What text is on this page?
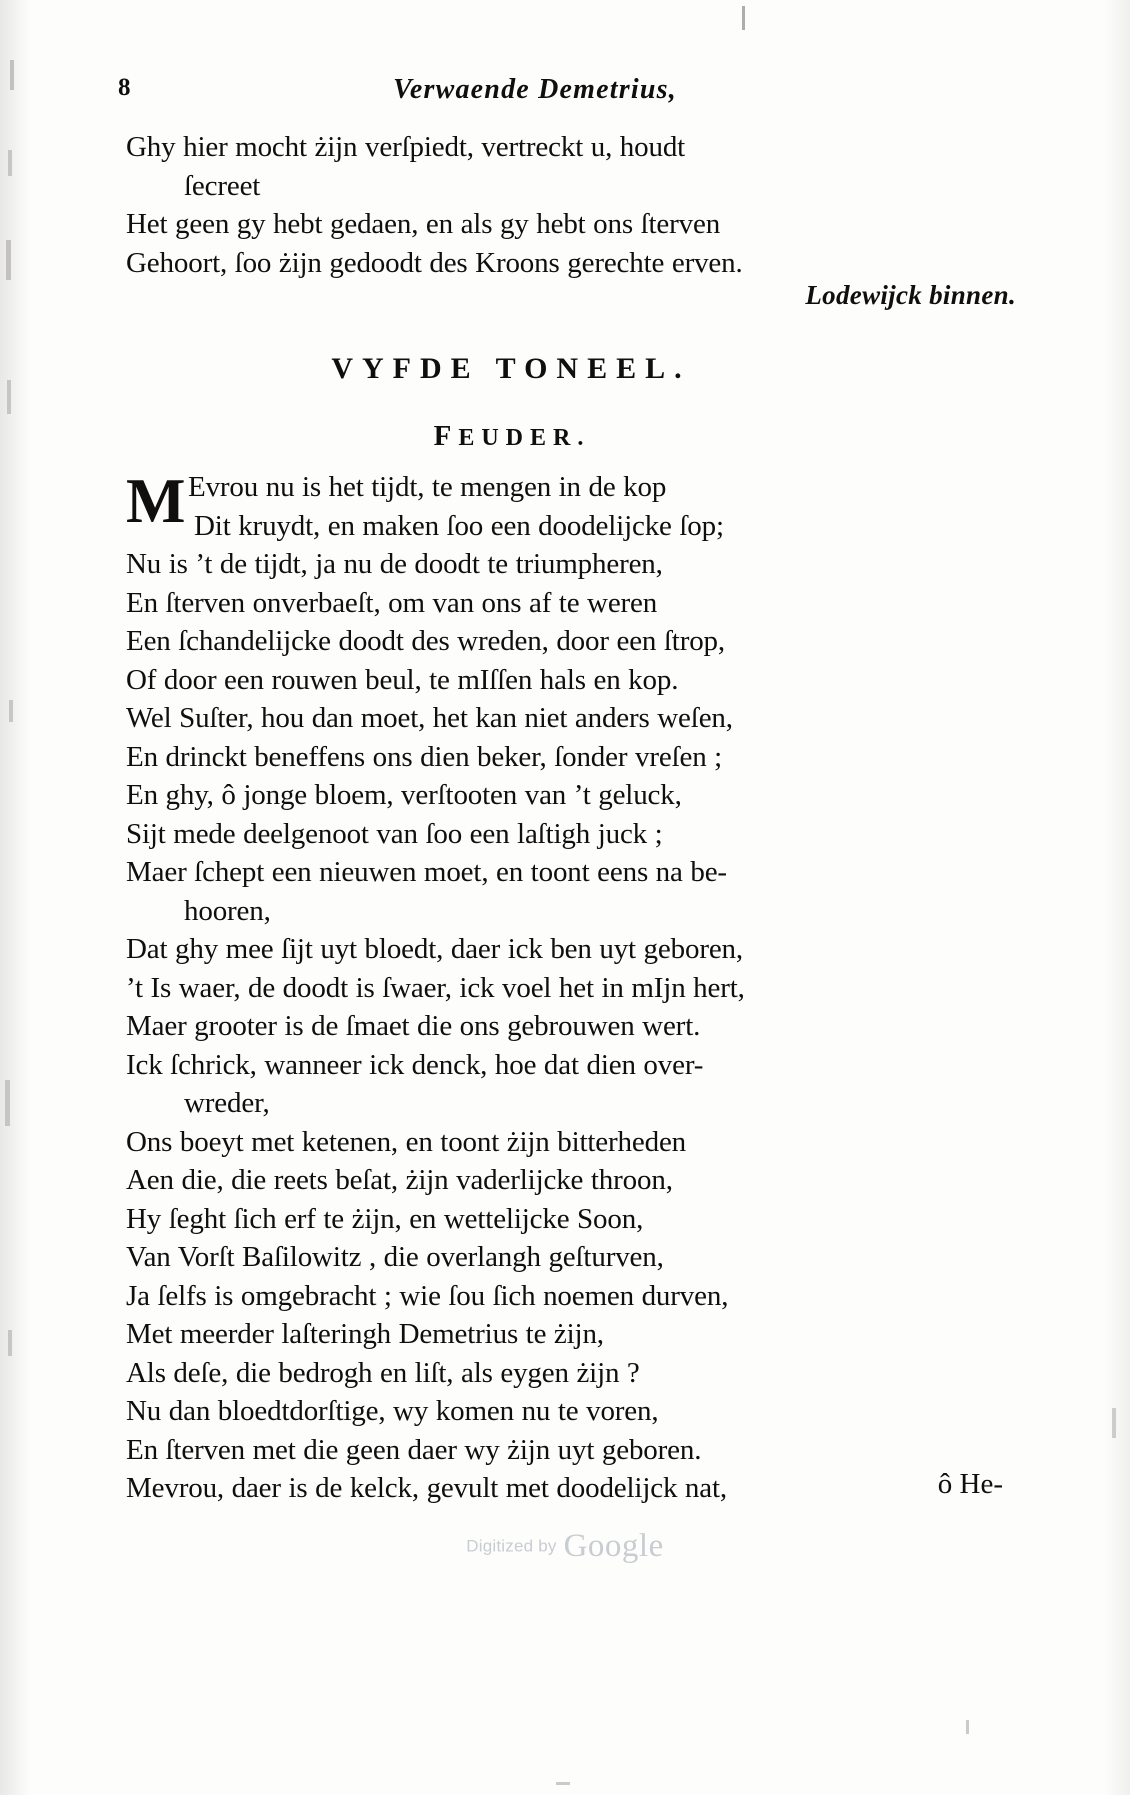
8	Verwaende Demetrius,
Ghy hier mocht żijn verſpiedt, vertreckt u, houdt
ſecreet
Het geen gy hebt gedaen, en als gy hebt ons ſterven
Gehoort, ſoo żijn gedoodt des Kroons gerechte erven.
Lodewijck binnen.
VYFDE TONEEL.
FEUDER.
M Evrou nu is het tijdt, te mengen in de kop
Dit kruydt, en maken ſoo een doodelijcke ſop;
Nu is ’t de tijdt, ja nu de doodt te triumpheren,
En ſterven onverbaeſt, om van ons af te weren
Een ſchandelijcke doodt des wreden, door een ſtrop,
Of door een rouwen beul, te mIſſen hals en kop.
Wel Suſter, hou dan moet, het kan niet anders weſen,
En drinckt beneffens ons dien beker, ſonder vreſen ;
En ghy, ô jonge bloem, verſtooten van ’t geluck,
Sijt mede deelgenoot van ſoo een laſtigh juck ;
Maer ſchept een nieuwen moet, en toont eens na be-
hooren,
Dat ghy mee ſijt uyt bloedt, daer ick ben uyt geboren,
’t Is waer, de doodt is ſwaer, ick voel het in mIjn hert,
Maer grooter is de ſmaet die ons gebrouwen wert.
Ick ſchrick, wanneer ick denck, hoe dat dien over-
wreder,
Ons boeyt met ketenen, en toont żijn bitterheden
Aen die, die reets beſat, żijn vaderlijcke throon,
Hy ſeght ſich erf te żijn, en wettelijcke Soon,
Van Vorſt Baſilowitz , die overlangh geſturven,
Ja ſelfs is omgebracht ; wie ſou ſich noemen durven,
Met meerder laſteringh Demetrius te żijn,
Als deſe, die bedrogh en liſt, als eygen żijn ?
Nu dan bloedtdorſtige, wy komen nu te voren,
En ſterven met die geen daer wy żijn uyt geboren.
Mevrou, daer is de kelck, gevult met doodelijck nat,	ô He-
Digitized by Google
